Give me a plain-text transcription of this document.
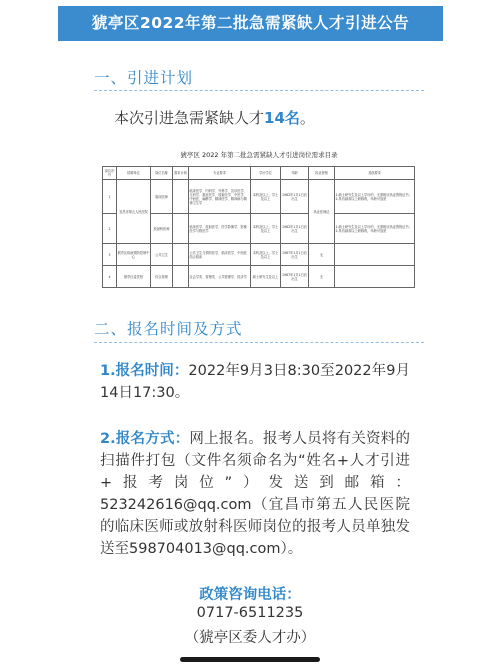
猇亭区2022年第二批急需紧缺人才引进公告
一、引进计划
本次引进急需紧缺人才14名。
猇亭区 2022 年第二批急需紧缺人才引进岗位需求目录
岗位序号	招聘单位	岗位名称	需求计划	专业要求	学历学位	年龄	执业资格	其他要求
1	宜昌市第五人民医院	临床医师		临床医学、内科学、外科学、急诊医学、儿科学、重症医学、放射医学、中医学、中西医、麻醉学、精神医学、精神病与精神卫生学	本科及以上，学士及以上	1982年1月1日后出生	执业医师证	1.硕士研究生及以上学历的，无需相应执业资格证书；2.具有副高以上职称的，年龄可放宽
2		放射科医师		临床医学、放射医学、医学影像学、影像医学与核医学	本科及以上，学士及以上	1982年1月1日后出生		1.硕士研究生及以上学历的，无需相应执业资格证书；2.具有副高以上职称的，年龄可放宽
3	猇亭区疾病预防控制中心	公共卫生		公共卫生与预防医学、临床医学、中西医结合临床	本科及以上，学士及以上	1987年1月1日后出生	无	
4	猇亭区委党校	综合管理		社会学类、管理类、公共管理学、经济学	硕士研究生及以上	1987年1月1日后出生	无	
二、报名时间及方式
1.报名时间：2022年9月3日8:30至2022年9月14日17:30。
2.报名方式：网上报名。报考人员将有关资料的扫描件打包（文件名须命名为“姓名+人才引进+报考岗位”）发送到邮箱：523242616@qq.com（宜昌市第五人民医院的临床医师或放射科医师岗位的报考人员单独发送至598704013@qq.com）。
政策咨询电话：
0717-6511235
（猇亭区委人才办）
